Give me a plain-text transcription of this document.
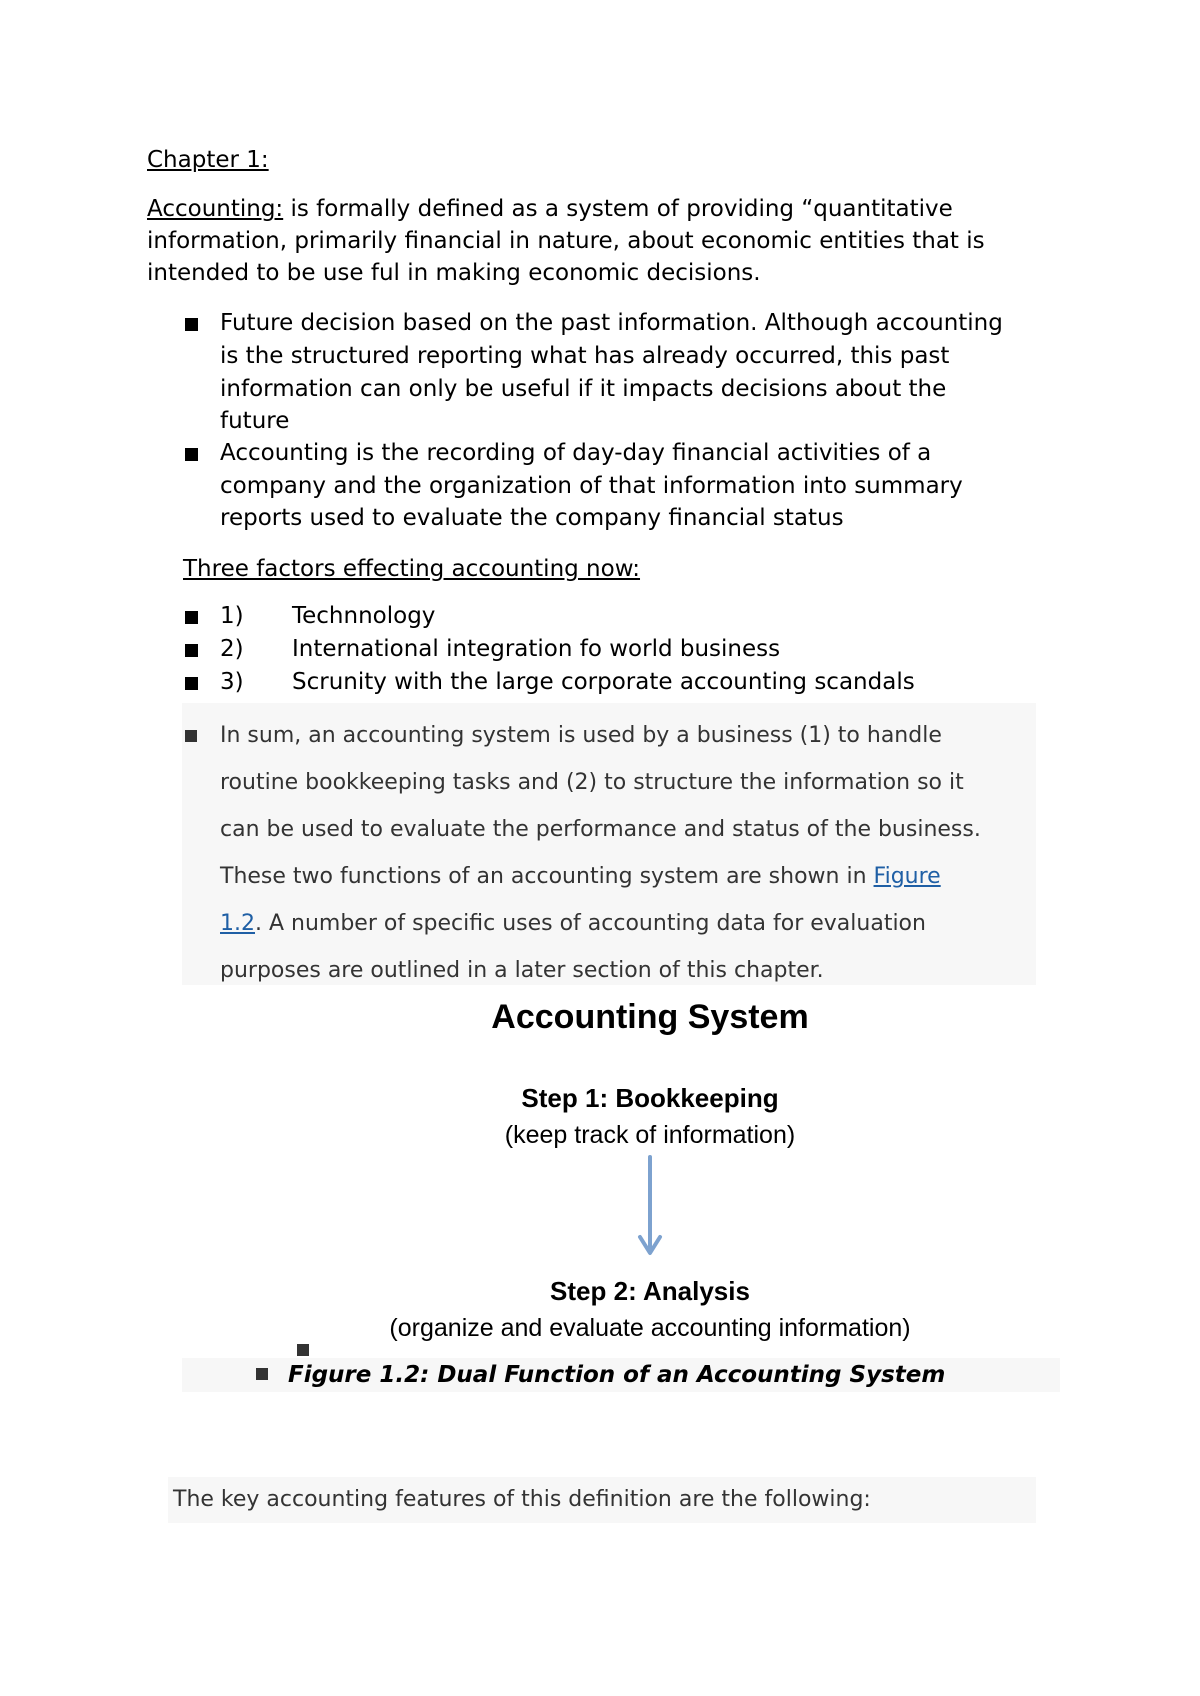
Chapter 1:
Accounting: is formally defined as a system of providing “quantitative
information, primarily financial in nature, about economic entities that is
intended to be use ful in making economic decisions.
Future decision based on the past information. Although accounting
is the structured reporting what has already occurred, this past
information can only be useful if it impacts decisions about the
future
Accounting is the recording of day-day financial activities of a
company and the organization of that information into summary
reports used to evaluate the company financial status
Three factors effecting accounting now:
1) Technnology
2) International integration fo world business
3) Scrunity with the large corporate accounting scandals
In sum, an accounting system is used by a business (1) to handle
routine bookkeeping tasks and (2) to structure the information so it
can be used to evaluate the performance and status of the business.
These two functions of an accounting system are shown in Figure
1.2. A number of specific uses of accounting data for evaluation
purposes are outlined in a later section of this chapter.
Accounting System
Step 1: Bookkeeping
(keep track of information)
Step 2: Analysis
(organize and evaluate accounting information)
Figure 1.2: Dual Function of an Accounting System
The key accounting features of this definition are the following:
